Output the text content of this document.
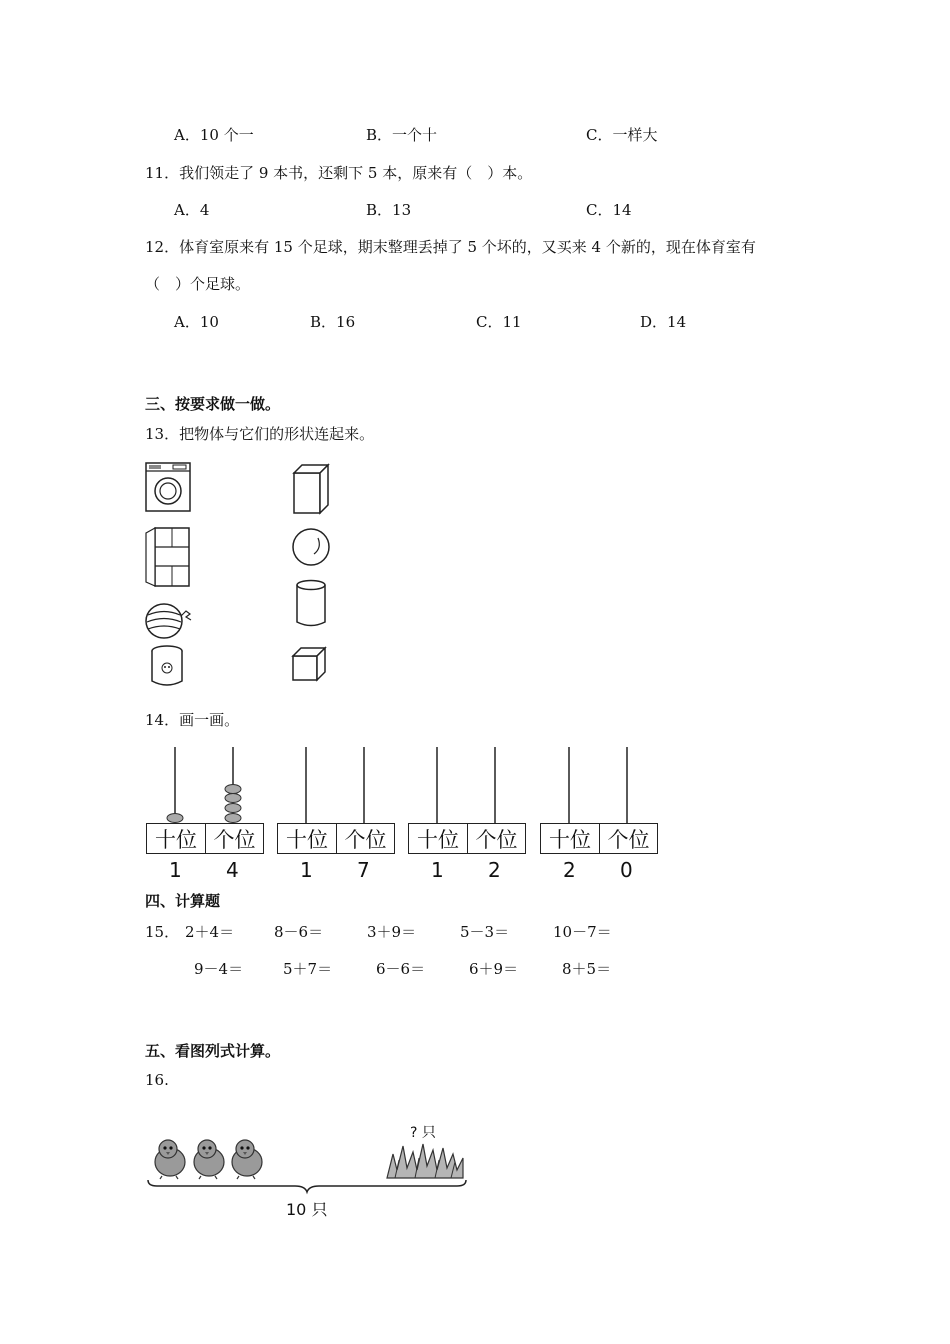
A．10 个一	B．一个十	C．一样大
11．我们领走了 9 本书，还剩下 5 本，原来有（　）本。
A．4	B．13	C．14
12．体育室原来有 15 个足球，期末整理丢掉了 5 个坏的，又买来 4 个新的，现在体育室有
（　）个足球。
A．10	B．16	C．11	D．14
三、按要求做一做。
13．把物体与它们的形状连起来。
14．画一画。
十位 个位
1 4
十位 个位
1 7
十位 个位
1 2
十位 个位
2 0
四、计算题
15． 2＋4＝	8－6＝	3＋9＝	5－3＝	10－7＝
9－4＝	5＋7＝	6－6＝	6＋9＝	8＋5＝
五、看图列式计算。
16.
? 只
10 只
